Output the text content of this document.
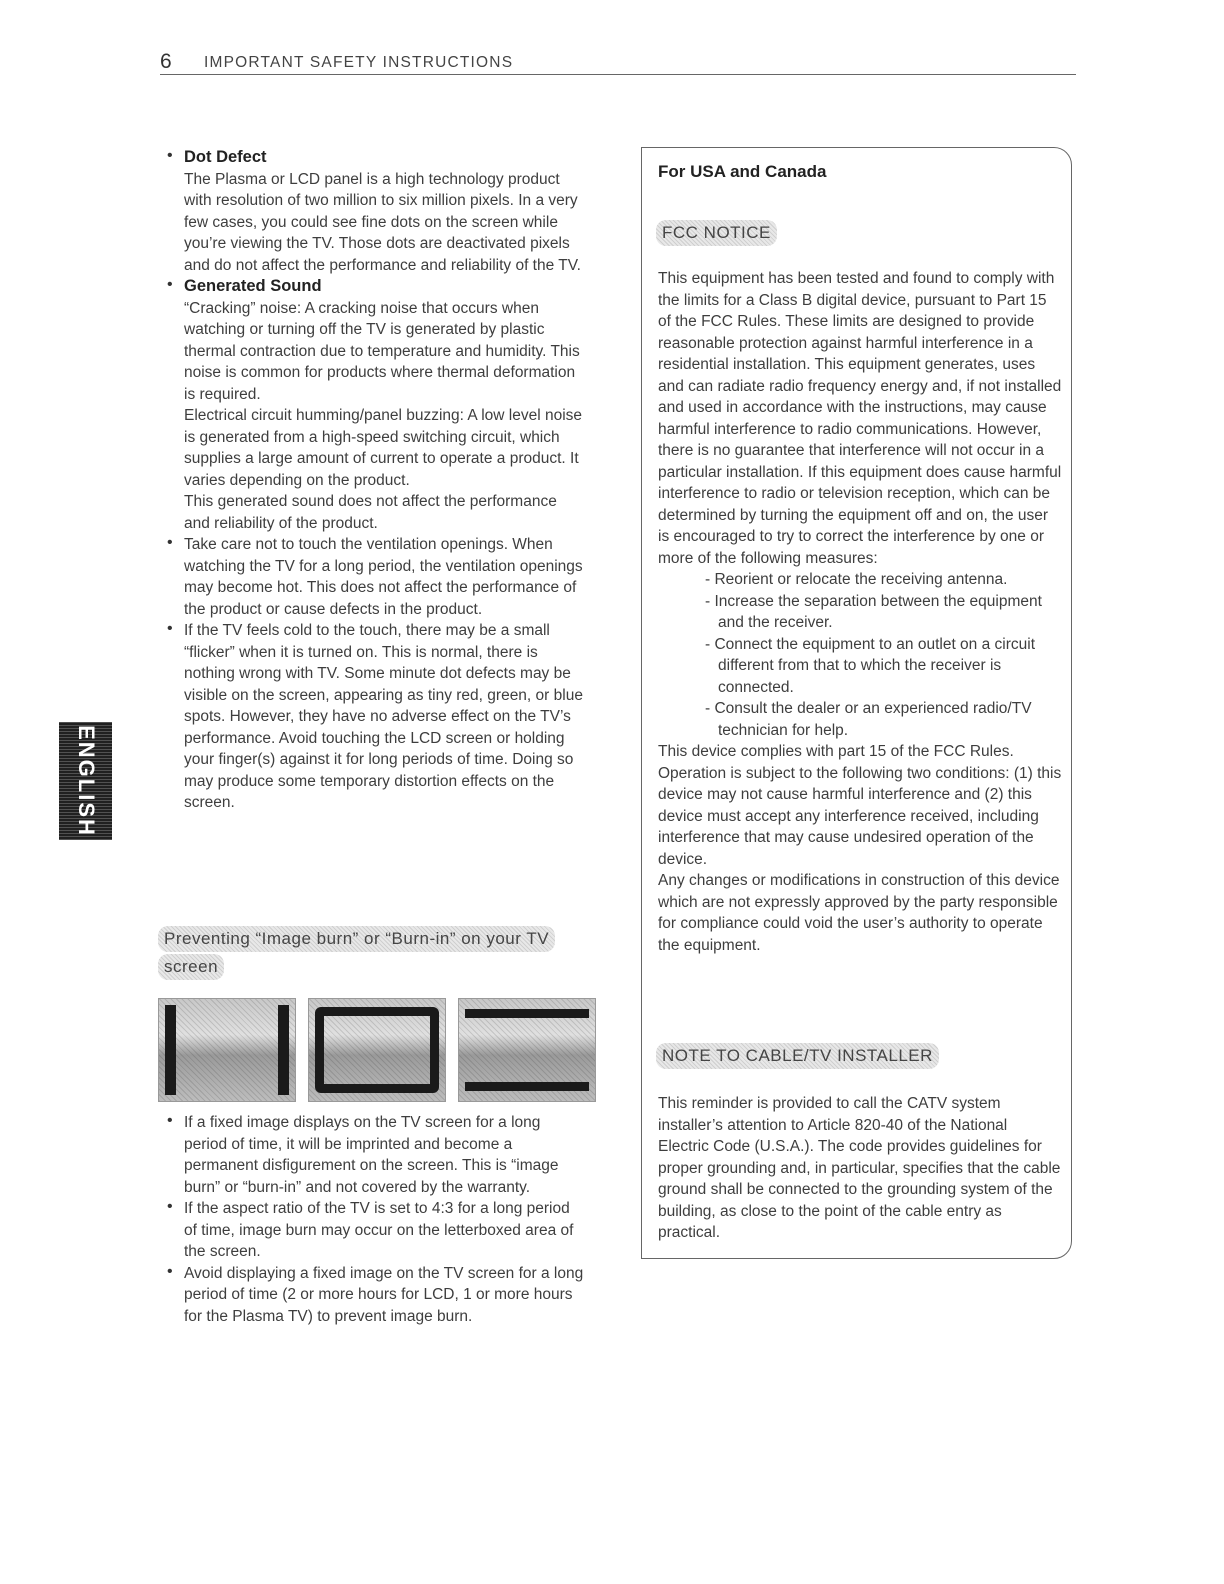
6 IMPORTANT SAFETY INSTRUCTIONS
ENGLISH
• Dot Defect

The Plasma or LCD panel is a high technology product with resolution of two million to six million pixels. In a very few cases, you could see fine dots on the screen while you’re viewing the TV. Those dots are deactivated pixels and do not affect the performance and reliability of the TV.

• Generated Sound

“Cracking” noise: A cracking noise that occurs when watching or turning off the TV is generated by plastic thermal contraction due to temperature and humidity. This noise is common for products where thermal deformation is required.

Electrical circuit humming/panel buzzing: A low level noise is generated from a high-speed switching circuit, which supplies a large amount of current to operate a product. It varies depending on the product.

This generated sound does not affect the performance and reliability of the product.

• Take care not to touch the ventilation openings. When watching the TV for a long period, the ventilation openings may become hot. This does not affect the performance of the product or cause defects in the product.

• If the TV feels cold to the touch, there may be a small “flicker” when it is turned on. This is normal, there is nothing wrong with TV. Some minute dot defects may be visible on the screen, appearing as tiny red, green, or blue spots. However, they have no adverse effect on the TV’s performance. Avoid touching the LCD screen or holding your finger(s) against it for long periods of time. Doing so may produce some temporary distortion effects on the screen.

Preventing “Image burn” or “Burn-in” on your TV
screen
• If a fixed image displays on the TV screen for a long period of time, it will be imprinted and become a permanent disfigurement on the screen. This is “image burn” or “burn-in” and not covered by the warranty.

• If the aspect ratio of the TV is set to 4:3 for a long period of time, image burn may occur on the letterboxed area of the screen.

• Avoid displaying a fixed image on the TV screen for a long period of time (2 or more hours for LCD, 1 or more hours for the Plasma TV) to prevent image burn.

For USA and Canada
FCC NOTICE

This equipment has been tested and found to comply with the limits for a Class B digital device, pursuant to Part 15 of the FCC Rules. These limits are designed to provide reasonable protection against harmful interference in a residential installation. This equipment generates, uses and can radiate radio frequency energy and, if not installed and used in accordance with the instructions, may cause harmful interference to radio communications. However, there is no guarantee that interference will not occur in a particular installation. If this equipment does cause harmful interference to radio or television reception, which can be determined by turning the equipment off and on, the user is encouraged to try to correct the interference by one or more of the following measures:

- Reorient or relocate the receiving antenna.

- Increase the separation between the equipment and the receiver.

- Connect the equipment to an outlet on a circuit different from that to which the receiver is connected.

- Consult the dealer or an experienced radio/TV technician for help.

This device complies with part 15 of the FCC Rules. Operation is subject to the following two conditions: (1) this device may not cause harmful interference and (2) this device must accept any interference received, including interference that may cause undesired operation of the device.

Any changes or modifications in construction of this device which are not expressly approved by the party responsible for compliance could void the user’s authority to operate the equipment.

NOTE TO CABLE/TV INSTALLER

This reminder is provided to call the CATV system installer’s attention to Article 820-40 of the National Electric Code (U.S.A.). The code provides guidelines for proper grounding and, in particular, specifies that the cable ground shall be connected to the grounding system of the building, as close to the point of the cable entry as practical.
